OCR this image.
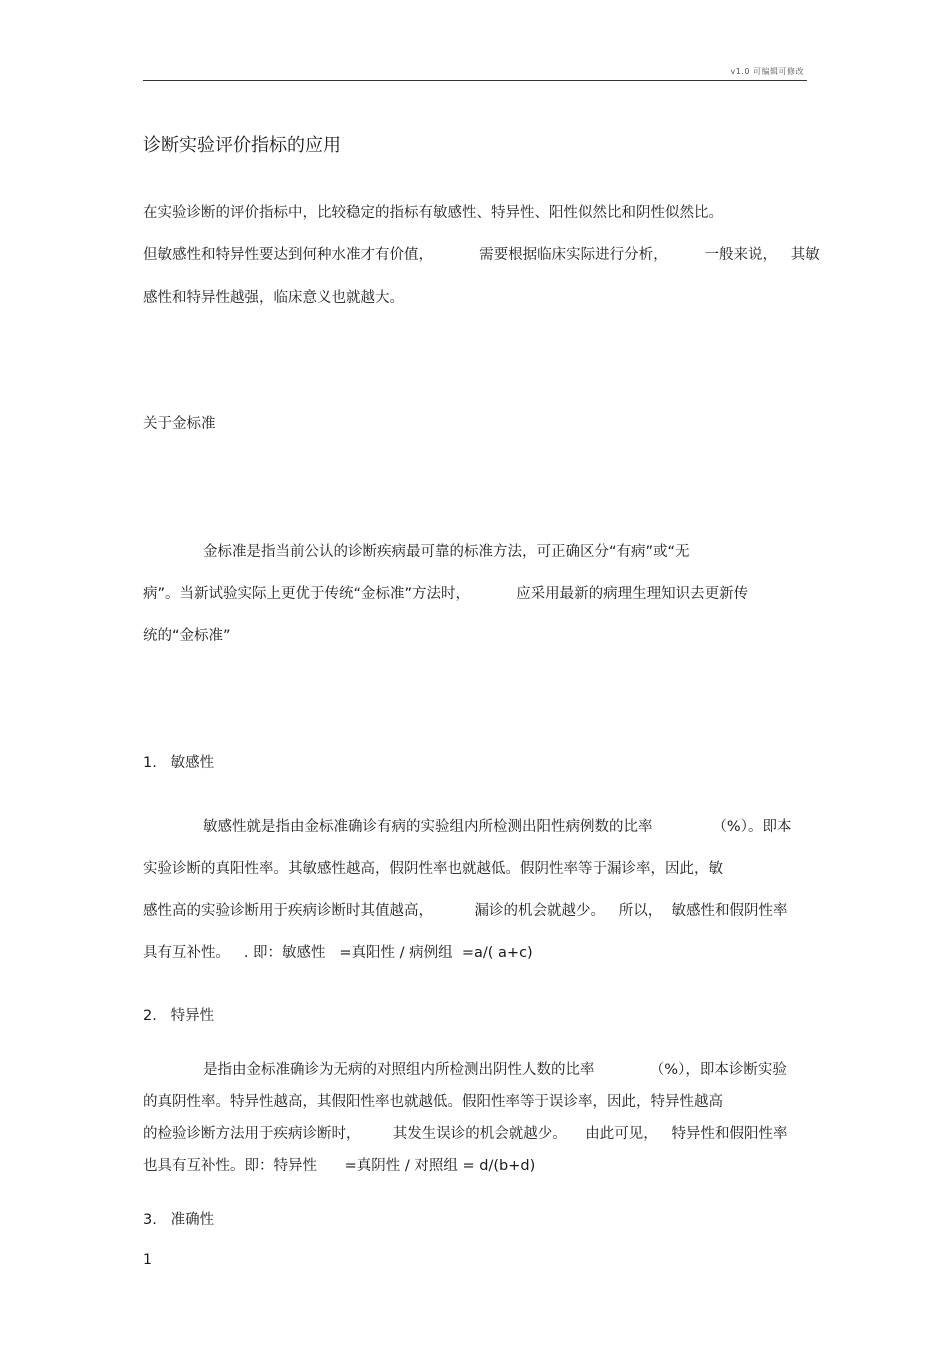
v1.0 可编辑可修改
诊断实验评价指标的应用
在实验诊断的评价指标中，比较稳定的指标有敏感性、特异性、阳性似然比和阴性似然比。
但敏感性和特异性要达到何种水准才有价值，          需要根据临床实际进行分析，        一般来说，   其敏
感性和特异性越强，临床意义也就越大。
关于金标准
金标准是指当前公认的诊断疾病最可靠的标准方法，可正确区分“有病”或“无
病”。当新试验实际上更优于传统“金标准”方法时，          应采用最新的病理生理知识去更新传
统的“金标准”
1.   敏感性
敏感性就是指由金标准确诊有病的实验组内所检测出阳性病例数的比率             （%）。即本
实验诊断的真阳性率。其敏感性越高，假阴性率也就越低。假阴性率等于漏诊率，因此，敏
感性高的实验诊断用于疾病诊断时其值越高，         漏诊的机会就越少。   所以，  敏感性和假阴性率
具有互补性。   . 即：敏感性   =真阳性 / 病例组  =a/( a+c)
2.   特异性
是指由金标准确诊为无病的对照组内所检测出阴性人数的比率            （%），即本诊断实验
的真阴性率。特异性越高，其假阳性率也就越低。假阳性率等于误诊率，因此，特异性越高
的检验诊断方法用于疾病诊断时，       其发生误诊的机会就越少。    由此可见，   特异性和假阳性率
也具有互补性。即：特异性      =真阴性 / 对照组 = d/(b+d)
3.   准确性
1
